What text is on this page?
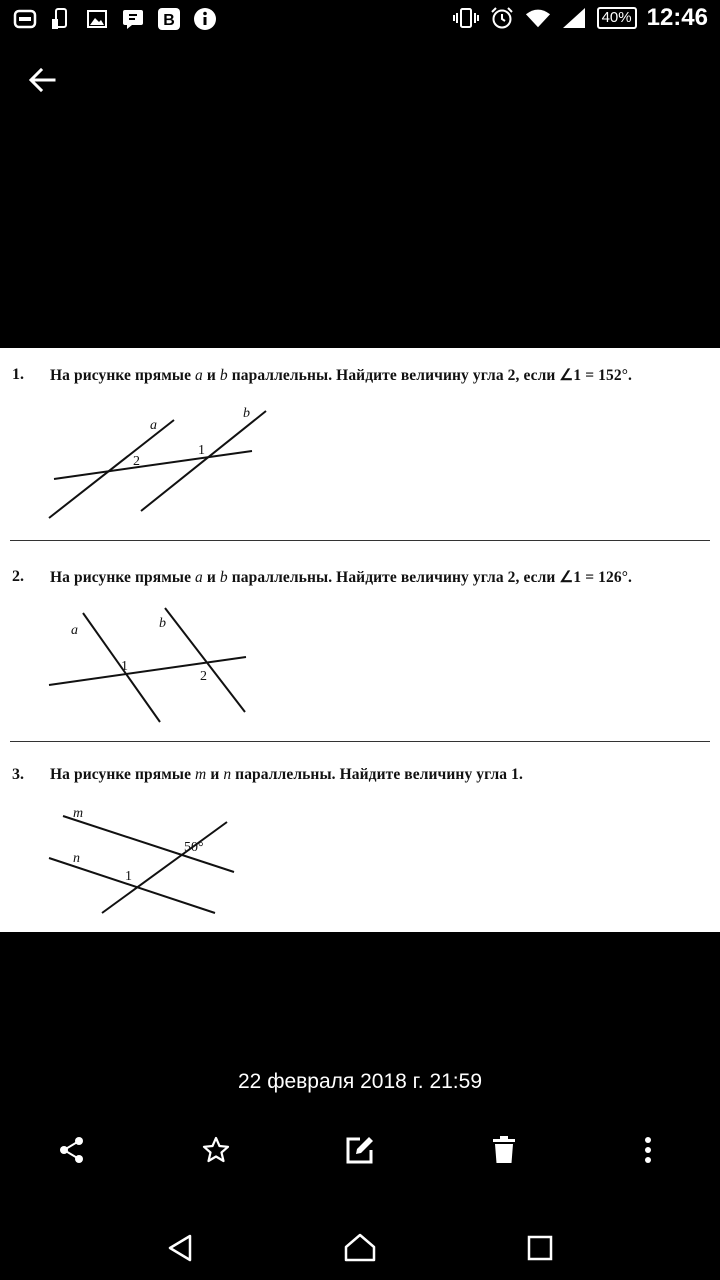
B	40% 12:46
1. На рисунке прямые a и b параллельны. Найдите величину угла 2, если ∠1 = 152°.
a
b
1
2
2. На рисунке прямые a и b параллельны. Найдите величину угла 2, если ∠1 = 126°.
a	b
1
2
3. На рисунке прямые m и n параллельны. Найдите величину угла 1.
m
n
1
50°
22 февраля 2018 г. 21:59
